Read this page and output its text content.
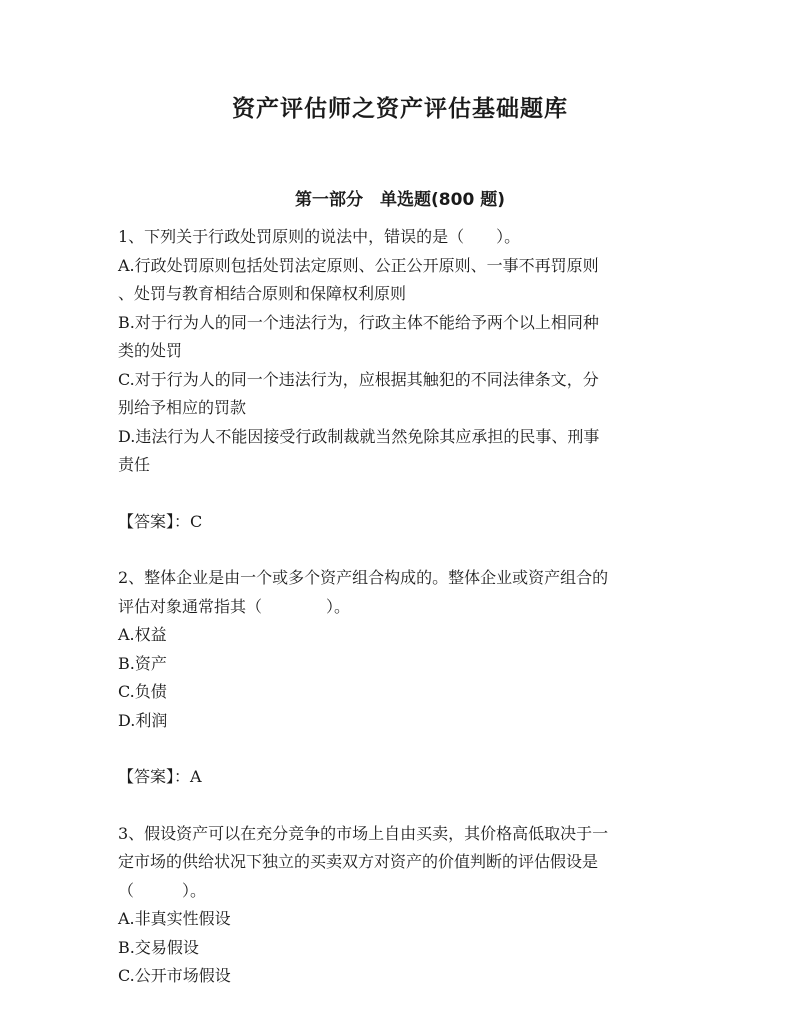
资产评估师之资产评估基础题库
第一部分　单选题(800 题)
1、下列关于行政处罚原则的说法中，错误的是（　　）。
A.行政处罚原则包括处罚法定原则、公正公开原则、一事不再罚原则
、处罚与教育相结合原则和保障权利原则
B.对于行为人的同一个违法行为，行政主体不能给予两个以上相同种
类的处罚
C.对于行为人的同一个违法行为，应根据其触犯的不同法律条文，分
别给予相应的罚款
D.违法行为人不能因接受行政制裁就当然免除其应承担的民事、刑事
责任
【答案】：C
2、整体企业是由一个或多个资产组合构成的。整体企业或资产组合的
评估对象通常指其（　　　　）。
A.权益
B.资产
C.负债
D.利润
【答案】：A
3、假设资产可以在充分竞争的市场上自由买卖，其价格高低取决于一
定市场的供给状况下独立的买卖双方对资产的价值判断的评估假设是
（　　　）。
A.非真实性假设
B.交易假设
C.公开市场假设
